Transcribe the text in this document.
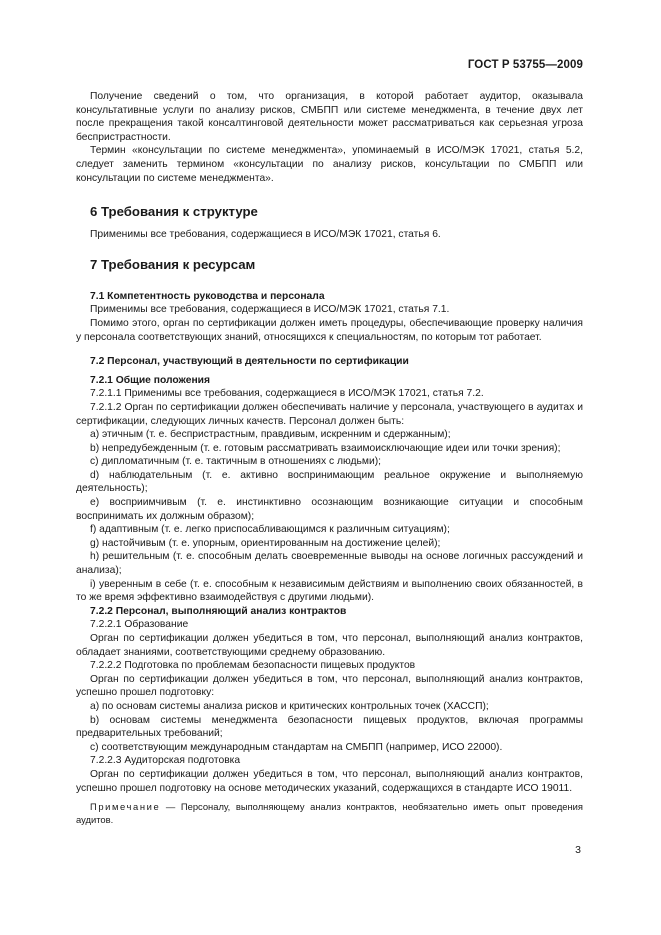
ГОСТ Р 53755—2009

Получение сведений о том, что организация, в которой работает аудитор, оказывала консультативные услуги по анализу рисков, СМБПП или системе менеджмента, в течение двух лет после прекращения такой консалтинговой деятельности может рассматриваться как серьезная угроза беспристрастности.

Термин «консультации по системе менеджмента», упоминаемый в ИСО/МЭК 17021, статья 5.2, следует заменить термином «консультации по анализу рисков, консультации по СМБПП или консультации по системе менеджмента».

6 Требования к структуре

Применимы все требования, содержащиеся в ИСО/МЭК 17021, статья 6.

7 Требования к ресурсам

7.1 Компетентность руководства и персонала

Применимы все требования, содержащиеся в ИСО/МЭК 17021, статья 7.1.

Помимо этого, орган по сертификации должен иметь процедуры, обеспечивающие проверку наличия у персонала соответствующих знаний, относящихся к специальностям, по которым тот работает.

7.2 Персонал, участвующий в деятельности по сертификации

7.2.1 Общие положения

7.2.1.1 Применимы все требования, содержащиеся в ИСО/МЭК 17021, статья 7.2.

7.2.1.2 Орган по сертификации должен обеспечивать наличие у персонала, участвующего в аудитах и сертификации, следующих личных качеств. Персонал должен быть:

a) этичным (т. е. беспристрастным, правдивым, искренним и сдержанным);

b) непредубежденным (т. е. готовым рассматривать взаимоисключающие идеи или точки зрения);

c) дипломатичным (т. е. тактичным в отношениях с людьми);

d) наблюдательным (т. е. активно воспринимающим реальное окружение и выполняемую деятельность);

e) восприимчивым (т. е. инстинктивно осознающим возникающие ситуации и способным воспринимать их должным образом);

f) адаптивным (т. е. легко приспосабливающимся к различным ситуациям);

g) настойчивым (т. е. упорным, ориентированным на достижение целей);

h) решительным (т. е. способным делать своевременные выводы на основе логичных рассуждений и анализа);

i) уверенным в себе (т. е. способным к независимым действиям и выполнению своих обязанностей, в то же время эффективно взаимодействуя с другими людьми).

7.2.2 Персонал, выполняющий анализ контрактов

7.2.2.1 Образование

Орган по сертификации должен убедиться в том, что персонал, выполняющий анализ контрактов, обладает знаниями, соответствующими среднему образованию.

7.2.2.2 Подготовка по проблемам безопасности пищевых продуктов

Орган по сертификации должен убедиться в том, что персонал, выполняющий анализ контрактов, успешно прошел подготовку:

a) по основам системы анализа рисков и критических контрольных точек (ХАССП);

b) основам системы менеджмента безопасности пищевых продуктов, включая программы предварительных требований;

c) соответствующим международным стандартам на СМБПП (например, ИСО 22000).

7.2.2.3 Аудиторская подготовка

Орган по сертификации должен убедиться в том, что персонал, выполняющий анализ контрактов, успешно прошел подготовку на основе методических указаний, содержащихся в стандарте ИСО 19011.

Примечание — Персоналу, выполняющему анализ контрактов, необязательно иметь опыт проведения аудитов.

3
